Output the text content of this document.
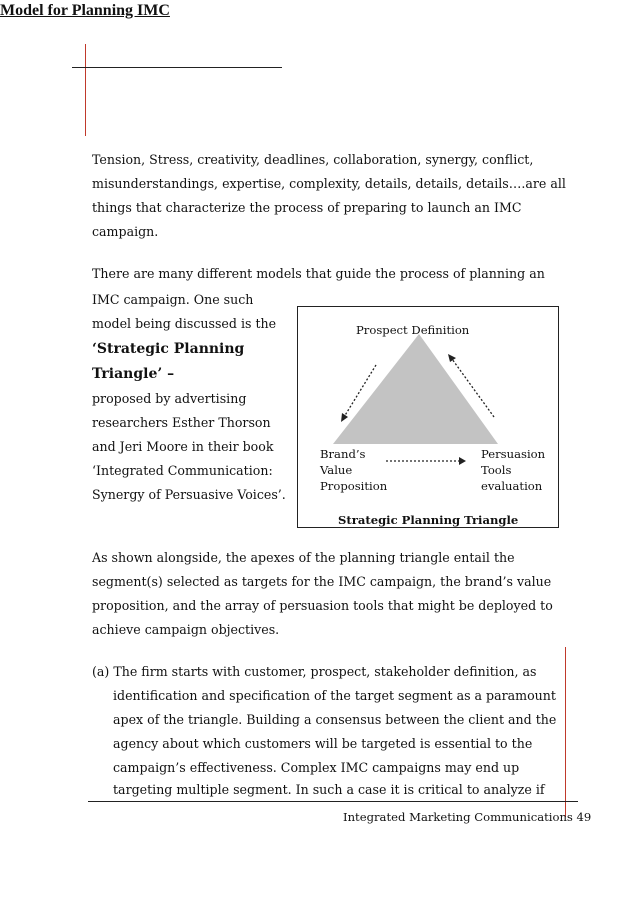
Model for Planning IMC
Tension, Stress, creativity, deadlines, collaboration, synergy, conflict,
misunderstandings, expertise, complexity, details, details, details….are all
things that characterize the process of preparing to launch an IMC
campaign.
There are many different models that guide the process of planning an
IMC campaign. One such
model being discussed is the
‘Strategic Planning
Triangle’ –
proposed by advertising
researchers Esther Thorson
and Jeri Moore in their book
‘Integrated Communication:
Synergy of Persuasive Voices’.
Prospect Definition
Brand’s
Value
Proposition
Persuasion
Tools
evaluation
Strategic Planning Triangle
As shown alongside, the apexes of the planning triangle entail the
segment(s) selected as targets for the IMC campaign, the brand’s value
proposition, and the array of persuasion tools that might be deployed to
achieve campaign objectives.
(a) The firm starts with customer, prospect, stakeholder definition, as
identification and specification of the target segment as a paramount
apex of the triangle. Building a consensus between the client and the
agency about which customers will be targeted is essential to the
campaign’s effectiveness. Complex IMC campaigns may end up
targeting multiple segment. In such a case it is critical to analyze if
Integrated Marketing Communications 49
